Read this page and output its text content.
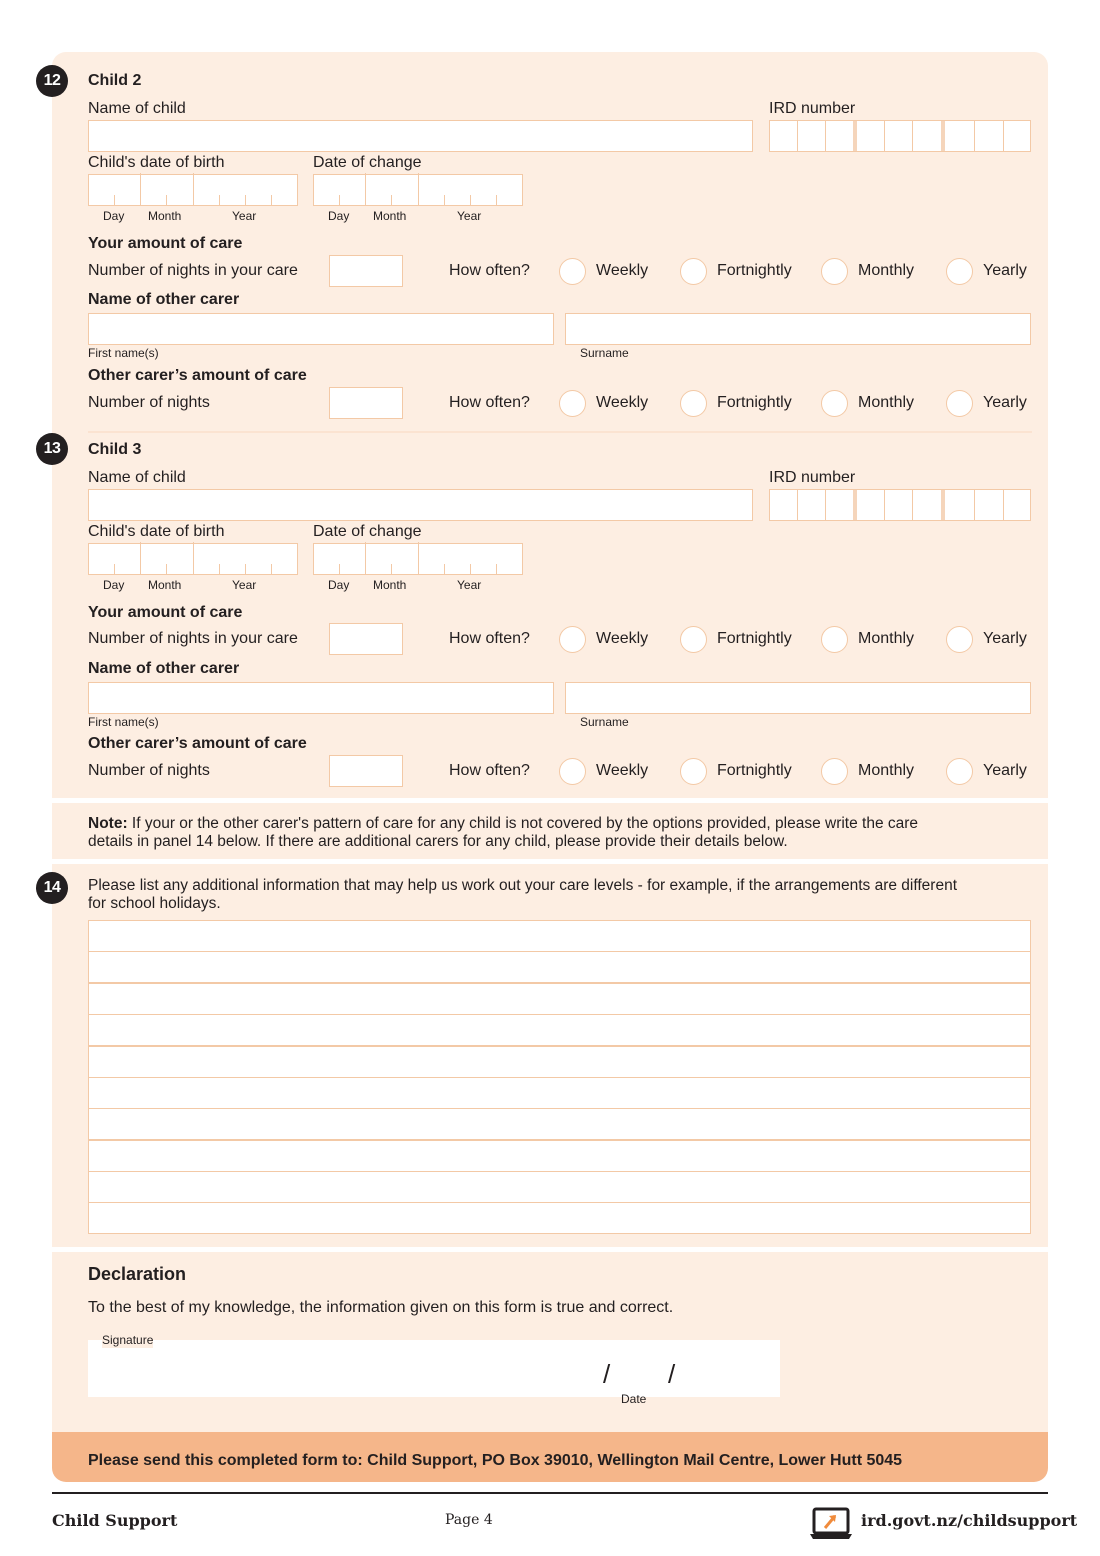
12	Child 2
Name of child	IRD number
Child's date of birth	Date of change
Day Month	Year	Day Month	Year
Your amount of care
Number of nights in your care	How often?	Weekly	Fortnightly	Monthly	Yearly
Name of other carer
First name(s)	Surname
Other carer’s amount of care
Number of nights	How often?	Weekly	Fortnightly	Monthly	Yearly
13	Child 3
Name of child	IRD number
Child's date of birth	Date of change
Day Month	Year	Day Month	Year
Your amount of care
Number of nights in your care	How often?	Weekly	Fortnightly	Monthly	Yearly
Name of other carer
First name(s)	Surname
Other carer’s amount of care
Number of nights	How often?	Weekly	Fortnightly	Monthly	Yearly
Note: If your or the other carer's pattern of care for any child is not covered by the options provided, please write the care
details in panel 14 below. If there are additional carers for any child, please provide their details below.
14	Please list any additional information that may help us work out your care levels - for example, if the arrangements are different
for school holidays.
Declaration
To the best of my knowledge, the information given on this form is true and correct.
Signature
/ /
Date
Please send this completed form to: Child Support, PO Box 39010, Wellington Mail Centre, Lower Hutt 5045
Child Support	Page 4	ird.govt.nz/childsupport
